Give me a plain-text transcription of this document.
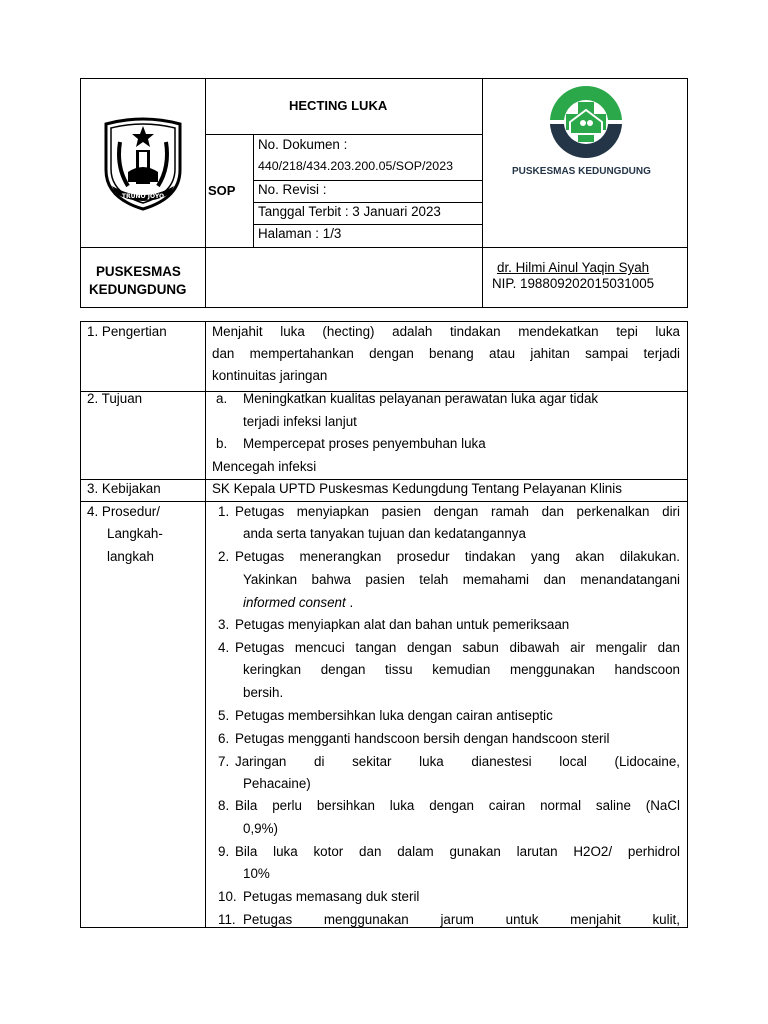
TRUNO JOYO
HECTING LUKA
SOP
No. Dokumen :
440/218/434.203.200.05/SOP/2023
No. Revisi :
Tanggal Terbit : 3 Januari 2023
Halaman : 1/3
PUSKESMAS KEDUNGDUNG
PUSKESMAS
KEDUNGDUNG
dr. Hilmi Ainul Yaqin Syah
NIP. 198809202015031005
1. Pengertian	Menjahit luka (hecting) adalah tindakan mendekatkan tepi luka
dan mempertahankan dengan benang atau jahitan sampai terjadi
kontinuitas jaringan
2. Tujuan	a. Meningkatkan kualitas pelayanan perawatan luka agar tidak
terjadi infeksi lanjut
b. Mempercepat proses penyembuhan luka
Mencegah infeksi
3. Kebijakan	SK Kepala UPTD Puskesmas Kedungdung Tentang Pelayanan Klinis
4. Prosedur/
Langkah-
langkah
1. Petugas menyiapkan pasien dengan ramah dan perkenalkan diri
anda serta tanyakan tujuan dan kedatangannya
2. Petugas menerangkan prosedur tindakan yang akan dilakukan.
Yakinkan bahwa pasien telah memahami dan menandatangani
informed consent .
3. Petugas menyiapkan alat dan bahan untuk pemeriksaan
4. Petugas mencuci tangan dengan sabun dibawah air mengalir dan
keringkan dengan tissu kemudian menggunakan handscoon
bersih.
5. Petugas membersihkan luka dengan cairan antiseptic
6. Petugas mengganti handscoon bersih dengan handscoon steril
7. Jaringan di sekitar luka dianestesi local (Lidocaine,
Pehacaine)
8. Bila perlu bersihkan luka dengan cairan normal saline (NaCl
0,9%)
9. Bila luka kotor dan dalam gunakan larutan H2O2/ perhidrol
10%
10. Petugas memasang duk steril
11. Petugas menggunakan jarum untuk menjahit kulit,
